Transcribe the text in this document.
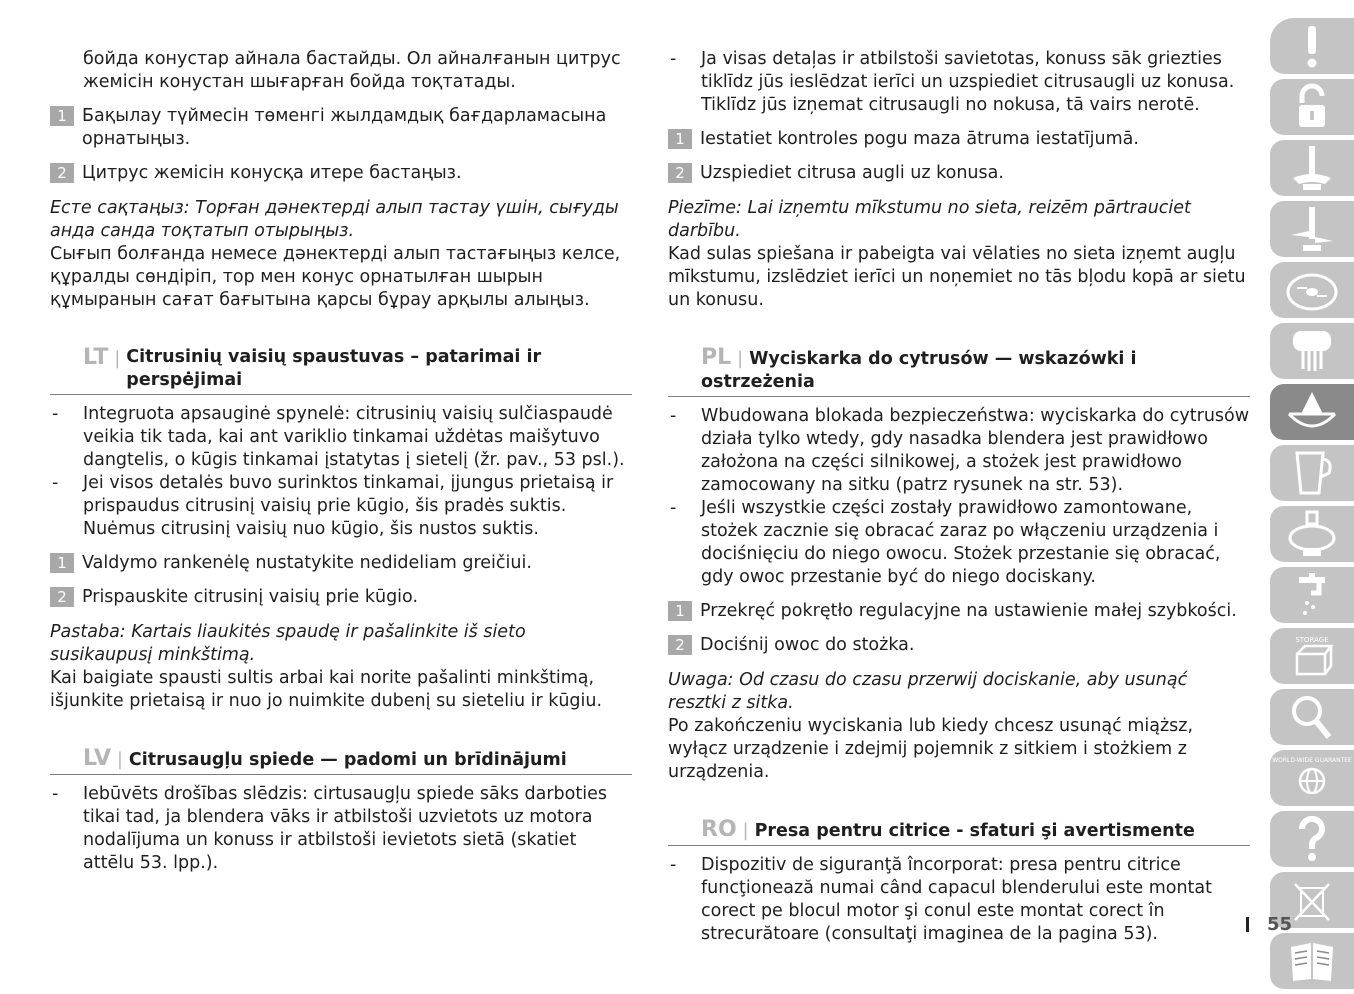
бойда конустар айнала бастайды. Ол айналғанын цитрус жемісін конустан шығарған бойда тоқтатады.

1 Бақылау түймесін төменгі жылдамдық бағдарламасына орнатыңыз.
2 Цитрус жемісін конусқа итере бастаңыз.
Есте сақтаңыз: Торған дәнектерді алып тастау үшін, сығуды анда санда тоқтатып отырыңыз.
Сығып болғанда немесе дәнектерді алып тастағыңыз келсе, құралды сөндіріп, тор мен конус орнатылған шырын құмыранын сағат бағытына қарсы бұрау арқылы алыңыз.
LT | Citrusinių vaisių spaustuvas – patarimai ir perspėjimai

- Integruota apsauginė spynelė: citrusinių vaisių sulčiaspaudė veikia tik tada, kai ant variklio tinkamai uždėtas maišytuvo dangtelis, o kūgis tinkamai įstatytas į sietelį (žr. pav., 53 psl.).

- Jei visos detalės buvo surinktos tinkamai, įjungus prietaisą ir prispaudus citrusinį vaisių prie kūgio, šis pradės suktis. Nuėmus citrusinį vaisių nuo kūgio, šis nustos suktis.

1 Valdymo rankenėlę nustatykite nedideliam greičiui.
2 Prispauskite citrusinį vaisių prie kūgio.
Pastaba: Kartais liaukitės spaudę ir pašalinkite iš sieto susikaupusį minkštimą.
Kai baigiate spausti sultis arbai kai norite pašalinti minkštimą, išjunkite prietaisą ir nuo jo nuimkite dubenį su sieteliu ir kūgiu.
LV | Citrusaugļu spiede — padomi un brīdinājumi

- Iebūvēts drošības slēdzis: cirtusaugļu spiede sāks darboties tikai tad, ja blendera vāks ir atbilstoši uzvietots uz motora nodalījuma un konuss ir atbilstoši ievietots sietā (skatiet attēlu 53. lpp.).

- Ja visas detaļas ir atbilstoši savietotas, konuss sāk griezties tiklīdz jūs ieslēdzat ierīci un uzspiediet citrusaugli uz konusa. Tiklīdz jūs izņemat citrusaugli no nokusa, tā vairs nerotē.

1 Iestatiet kontroles pogu maza ātruma iestatījumā.
2 Uzspiediet citrusa augli uz konusa.
Piezīme: Lai izņemtu mīkstumu no sieta, reizēm pārtrauciet darbību.
Kad sulas spiešana ir pabeigta vai vēlaties no sieta izņemt augļu mīkstumu, izslēdziet ierīci un noņemiet no tās bļodu kopā ar sietu un konusu.
PL | Wyciskarka do cytrusów — wskazówki i ostrzeżenia

- Wbudowana blokada bezpieczeństwa: wyciskarka do cytrusów działa tylko wtedy, gdy nasadka blendera jest prawidłowo założona na części silnikowej, a stożek jest prawidłowo zamocowany na sitku (patrz rysunek na str. 53).

- Jeśli wszystkie części zostały prawidłowo zamontowane, stożek zacznie się obracać zaraz po włączeniu urządzenia i dociśnięciu do niego owocu. Stożek przestanie się obracać, gdy owoc przestanie być do niego dociskany.

1 Przekręć pokrętło regulacyjne na ustawienie małej szybkości.
2 Dociśnij owoc do stożka.
Uwaga: Od czasu do czasu przerwij dociskanie, aby usunąć resztki z sitka.
Po zakończeniu wyciskania lub kiedy chcesz usunąć miąższ, wyłącz urządzenie i zdejmij pojemnik z sitkiem i stożkiem z urządzenia.
RO | Presa pentru citrice - sfaturi şi avertismente

- Dispozitiv de siguranţă încorporat: presa pentru citrice funcţionează numai când capacul blenderului este montat corect pe blocul motor şi conul este montat corect în strecurătoare (consultaţi imaginea de la pagina 53).

STORAGE
WORLD-WIDE GUARANTEE
55
